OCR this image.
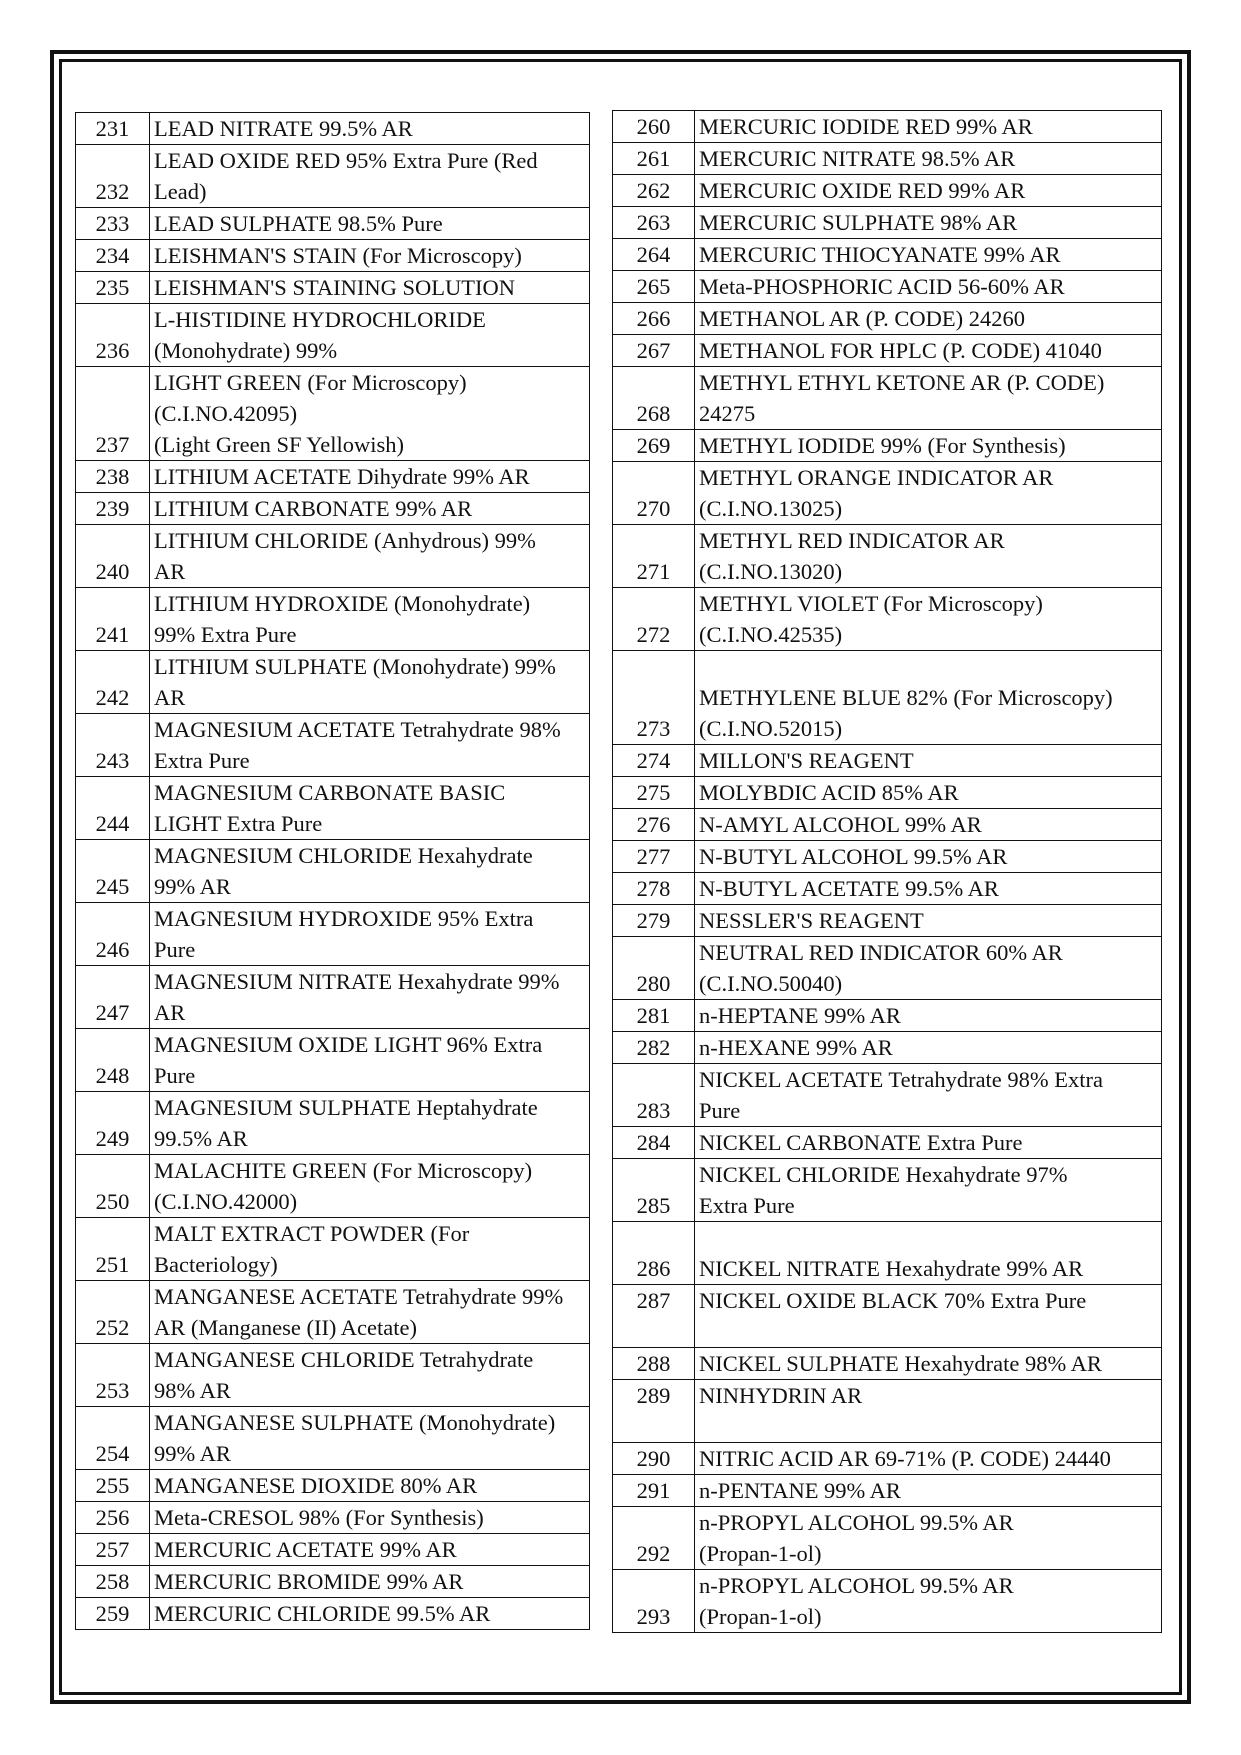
231	LEAD NITRATE 99.5% AR

232	LEAD OXIDE RED 95% Extra Pure (Red
Lead)

233	LEAD SULPHATE 98.5% Pure

234	LEISHMAN'S STAIN (For Microscopy)

235	LEISHMAN'S STAINING SOLUTION

236	L-HISTIDINE HYDROCHLORIDE
(Monohydrate) 99%

237	LIGHT GREEN (For Microscopy)
(C.I.NO.42095)
(Light Green SF Yellowish)

238	LITHIUM ACETATE Dihydrate 99% AR

239	LITHIUM CARBONATE 99% AR

240	LITHIUM CHLORIDE (Anhydrous) 99%
AR

241	LITHIUM HYDROXIDE (Monohydrate)
99% Extra Pure

242	LITHIUM SULPHATE (Monohydrate) 99%
AR

243	MAGNESIUM ACETATE Tetrahydrate 98%
Extra Pure

244	MAGNESIUM CARBONATE BASIC
LIGHT Extra Pure

245	MAGNESIUM CHLORIDE Hexahydrate
99% AR

246	MAGNESIUM HYDROXIDE 95% Extra
Pure

247	MAGNESIUM NITRATE Hexahydrate 99%
AR

248	MAGNESIUM OXIDE LIGHT 96% Extra
Pure

249	MAGNESIUM SULPHATE Heptahydrate
99.5% AR

250	MALACHITE GREEN (For Microscopy)
(C.I.NO.42000)

251	MALT EXTRACT POWDER (For
Bacteriology)

252	MANGANESE ACETATE Tetrahydrate 99%
AR (Manganese (II) Acetate)

253	MANGANESE CHLORIDE Tetrahydrate
98% AR

254	MANGANESE SULPHATE (Monohydrate)
99% AR

255	MANGANESE DIOXIDE 80% AR

256	Meta-CRESOL 98% (For Synthesis)

257	MERCURIC ACETATE 99% AR

258	MERCURIC BROMIDE 99% AR

259	MERCURIC CHLORIDE 99.5% AR
260	MERCURIC IODIDE RED 99% AR

261	MERCURIC NITRATE 98.5% AR

262	MERCURIC OXIDE RED 99% AR

263	MERCURIC SULPHATE 98% AR

264	MERCURIC THIOCYANATE 99% AR

265	Meta-PHOSPHORIC ACID 56-60% AR

266	METHANOL AR (P. CODE) 24260

267	METHANOL FOR HPLC (P. CODE) 41040

268	METHYL ETHYL KETONE AR (P. CODE)
24275

269	METHYL IODIDE 99% (For Synthesis)

270	METHYL ORANGE INDICATOR AR
(C.I.NO.13025)

271	METHYL RED INDICATOR AR
(C.I.NO.13020)

272	METHYL VIOLET (For Microscopy)
(C.I.NO.42535)

273	METHYLENE BLUE 82% (For Microscopy)
(C.I.NO.52015)

274	MILLON'S REAGENT

275	MOLYBDIC ACID 85% AR

276	N-AMYL ALCOHOL 99% AR

277	N-BUTYL ALCOHOL 99.5% AR

278	N-BUTYL ACETATE 99.5% AR

279	NESSLER'S REAGENT

280	NEUTRAL RED INDICATOR 60% AR
(C.I.NO.50040)

281	n-HEPTANE 99% AR

282	n-HEXANE 99% AR

283	NICKEL ACETATE Tetrahydrate 98% Extra
Pure

284	NICKEL CARBONATE Extra Pure

285	NICKEL CHLORIDE Hexahydrate 97%
Extra Pure

286	NICKEL NITRATE Hexahydrate 99% AR

287	NICKEL OXIDE BLACK 70% Extra Pure

288	NICKEL SULPHATE Hexahydrate 98% AR

289	NINHYDRIN AR

290	NITRIC ACID AR 69-71% (P. CODE) 24440

291	n-PENTANE 99% AR

292	n-PROPYL ALCOHOL 99.5% AR
(Propan-1-ol)

293	n-PROPYL ALCOHOL 99.5% AR
(Propan-1-ol)
